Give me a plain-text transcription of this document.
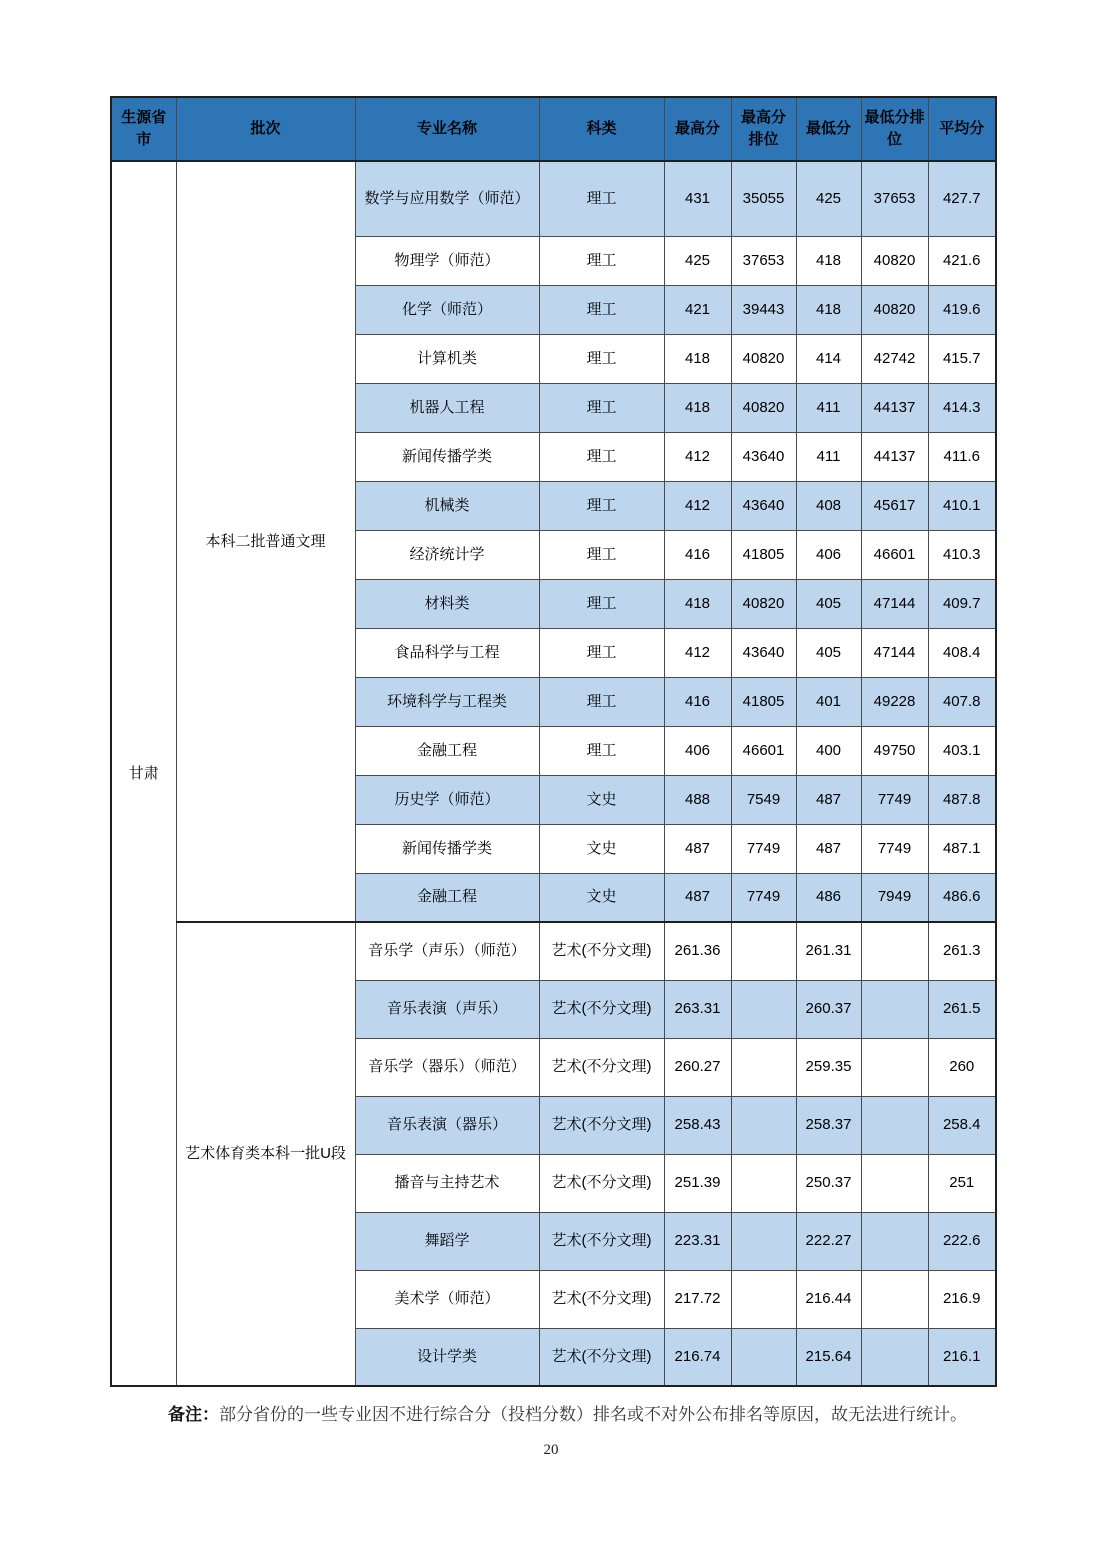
生源省市	批次	专业名称	科类	最高分	最高分排位	最低分	最低分排位	平均分
甘肃	本科二批普通文理	数学与应用数学（师范）	理工	431	35055	425	37653	427.7
		物理学（师范）	理工	425	37653	418	40820	421.6
		化学（师范）	理工	421	39443	418	40820	419.6
		计算机类	理工	418	40820	414	42742	415.7
		机器人工程	理工	418	40820	411	44137	414.3
		新闻传播学类	理工	412	43640	411	44137	411.6
		机械类	理工	412	43640	408	45617	410.1
		经济统计学	理工	416	41805	406	46601	410.3
		材料类	理工	418	40820	405	47144	409.7
		食品科学与工程	理工	412	43640	405	47144	408.4
		环境科学与工程类	理工	416	41805	401	49228	407.8
		金融工程	理工	406	46601	400	49750	403.1
		历史学（师范）	文史	488	7549	487	7749	487.8
		新闻传播学类	文史	487	7749	487	7749	487.1
		金融工程	文史	487	7749	486	7949	486.6
	艺术体育类本科一批U段	音乐学（声乐）（师范）	艺术(不分文理)	261.36		261.31		261.3
		音乐表演（声乐）	艺术(不分文理)	263.31		260.37		261.5
		音乐学（器乐）（师范）	艺术(不分文理)	260.27		259.35		260
		音乐表演（器乐）	艺术(不分文理)	258.43		258.37		258.4
		播音与主持艺术	艺术(不分文理)	251.39		250.37		251
		舞蹈学	艺术(不分文理)	223.31		222.27		222.6
		美术学（师范）	艺术(不分文理)	217.72		216.44		216.9
		设计学类	艺术(不分文理)	216.74		215.64		216.1

备注：部分省份的一些专业因不进行综合分（投档分数）排名或不对外公布排名等原因，故无法进行统计。

20
